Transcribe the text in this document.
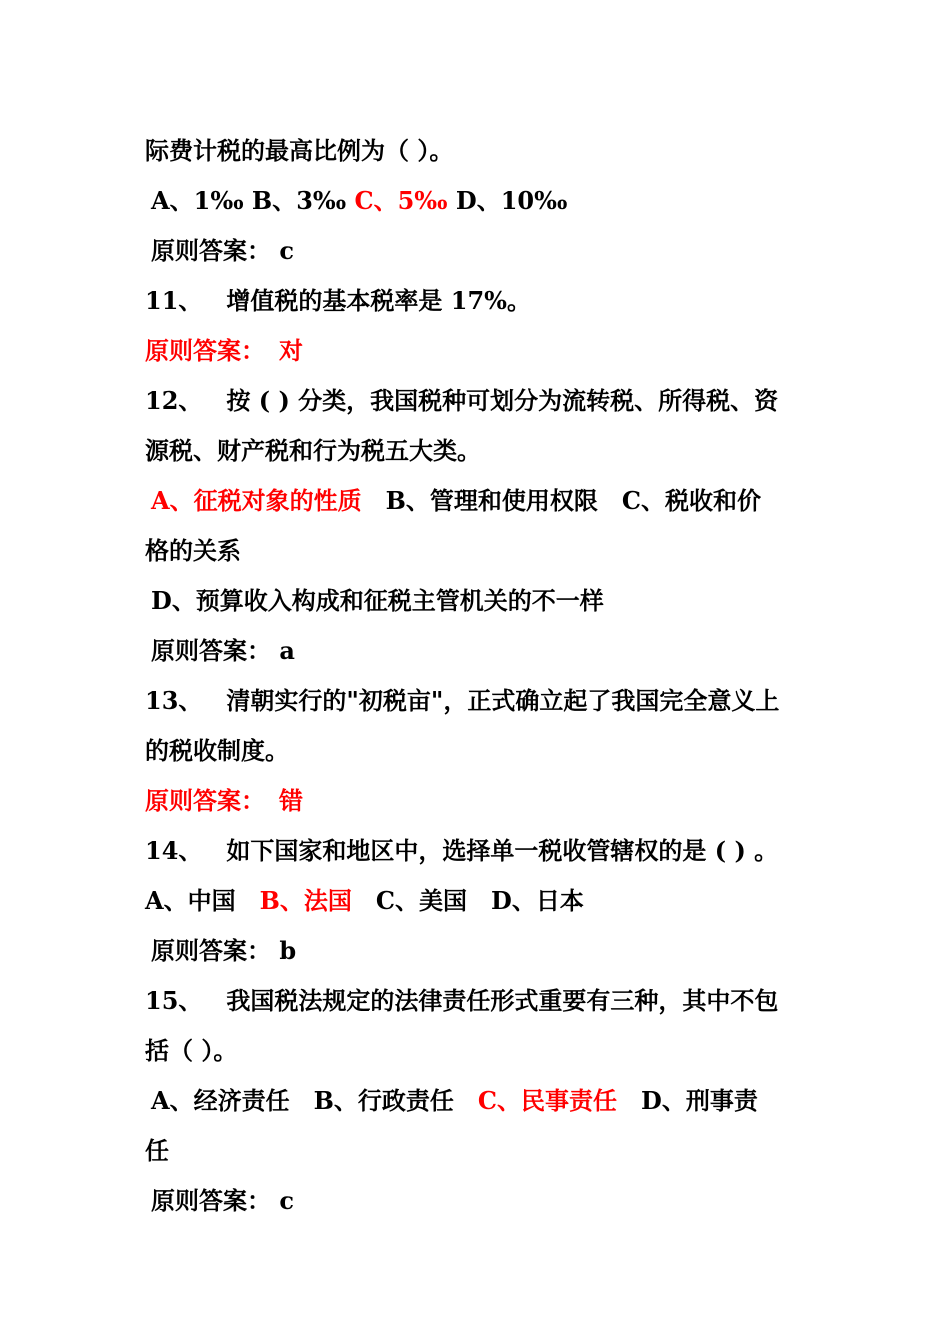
际费计税的最高比例为（ ）。
A、1‰ B、3‰ C、5‰ D、10‰
原则答案： c
11、 增值税的基本税率是 17%。
原则答案： 对
12、 按 ( ) 分类，我国税种可划分为流转税、所得税、资
源税、财产税和行为税五大类。
A、征税对象的性质 B、管理和使用权限 C、税收和价
格的关系
D、预算收入构成和征税主管机关的不一样
原则答案： a
13、 清朝实行的"初税亩"，正式确立起了我国完全意义上
的税收制度。
原则答案： 错
14、 如下国家和地区中，选择单一税收管辖权的是 ( ) 。
A、中国 B、法国 C、美国 D、日本
原则答案： b
15、 我国税法规定的法律责任形式重要有三种，其中不包
括（ ）。
A、经济责任 B、行政责任 C、民事责任 D、刑事责
任
原则答案： c
